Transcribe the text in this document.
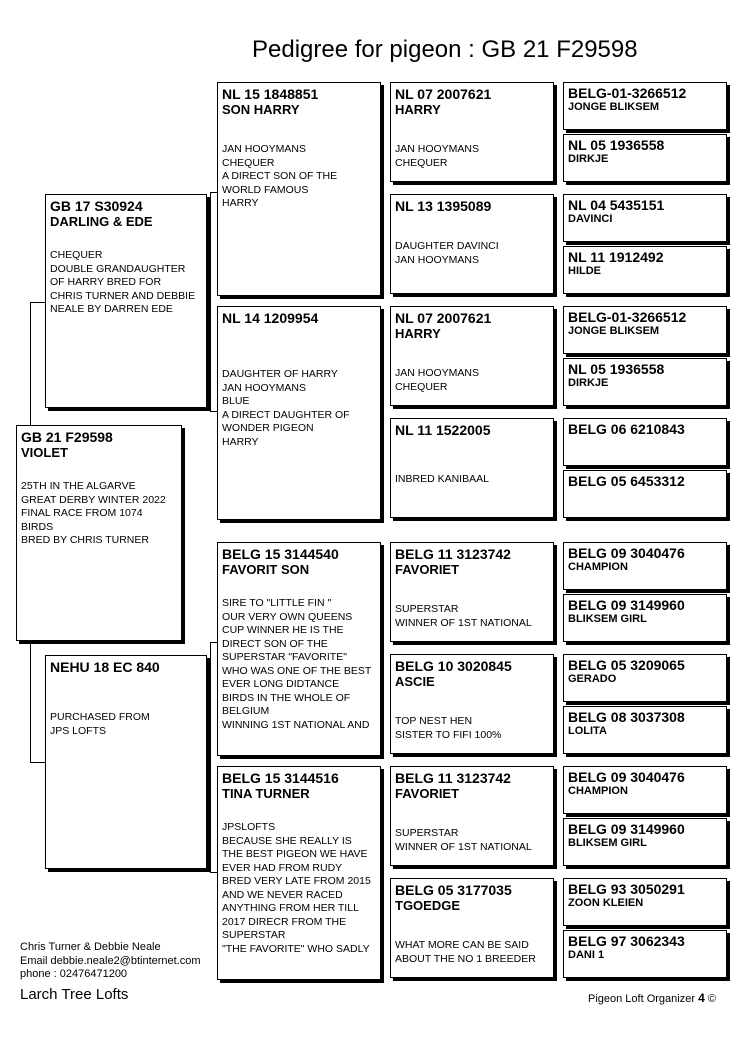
Pedigree for pigeon : GB 21 F29598
GB 21 F29598
VIOLET
25TH IN THE ALGARVE
GREAT DERBY WINTER 2022
FINAL RACE FROM 1074
BIRDS
BRED BY CHRIS TURNER
GB 17 S30924
DARLING & EDE
CHEQUER
DOUBLE GRANDAUGHTER
OF HARRY BRED FOR
CHRIS TURNER AND DEBBIE
NEALE BY DARREN EDE
NEHU 18 EC 840
PURCHASED FROM
JPS LOFTS
NL 15 1848851
SON HARRY
JAN HOOYMANS
CHEQUER
A DIRECT SON OF THE
WORLD FAMOUS
HARRY
NL 14 1209954
DAUGHTER OF HARRY
JAN HOOYMANS
BLUE
A DIRECT DAUGHTER OF
WONDER PIGEON
HARRY
BELG 15 3144540
FAVORIT SON
SIRE TO "LITTLE FIN "
OUR VERY OWN QUEENS
CUP WINNER HE IS THE
DIRECT SON OF THE
SUPERSTAR "FAVORITE"
WHO WAS ONE OF THE BEST
EVER LONG DIDTANCE
BIRDS IN THE WHOLE OF
BELGIUM
WINNING 1ST NATIONAL AND
BELG 15 3144516
TINA TURNER
JPSLOFTS
BECAUSE SHE REALLY IS
THE BEST PIGEON WE HAVE
EVER HAD FROM RUDY
BRED VERY LATE FROM 2015
AND WE NEVER RACED
ANYTHING FROM HER TILL
2017 DIRECR FROM THE
SUPERSTAR
"THE FAVORITE" WHO SADLY
NL 07 2007621
HARRY
JAN HOOYMANS
CHEQUER
NL 13 1395089
DAUGHTER DAVINCI
JAN HOOYMANS
NL 07 2007621
HARRY
JAN HOOYMANS
CHEQUER
NL 11 1522005
INBRED KANIBAAL
BELG 11 3123742
FAVORIET
SUPERSTAR
WINNER OF 1ST NATIONAL
BELG 10 3020845
ASCIE
TOP NEST HEN
SISTER TO FIFI 100%
BELG 11 3123742
FAVORIET
SUPERSTAR
WINNER OF 1ST NATIONAL
BELG 05 3177035
TGOEDGE
WHAT MORE CAN BE SAID
ABOUT THE NO 1 BREEDER
BELG-01-3266512
JONGE BLIKSEM
NL 05 1936558
DIRKJE
NL 04 5435151
DAVINCI
NL 11 1912492
HILDE
BELG-01-3266512
JONGE BLIKSEM
NL 05 1936558
DIRKJE
BELG 06 6210843
BELG 05 6453312
BELG 09 3040476
CHAMPION
BELG 09 3149960
BLIKSEM GIRL
BELG 05 3209065
GERADO
BELG 08 3037308
LOLITA
BELG 09 3040476
CHAMPION
BELG 09 3149960
BLIKSEM GIRL
BELG 93 3050291
ZOON KLEIEN
BELG 97 3062343
DANI 1
Chris Turner & Debbie Neale
Email debbie.neale2@btinternet.com
phone : 02476471200
Larch Tree Lofts	Pigeon Loft Organizer 4 ©
